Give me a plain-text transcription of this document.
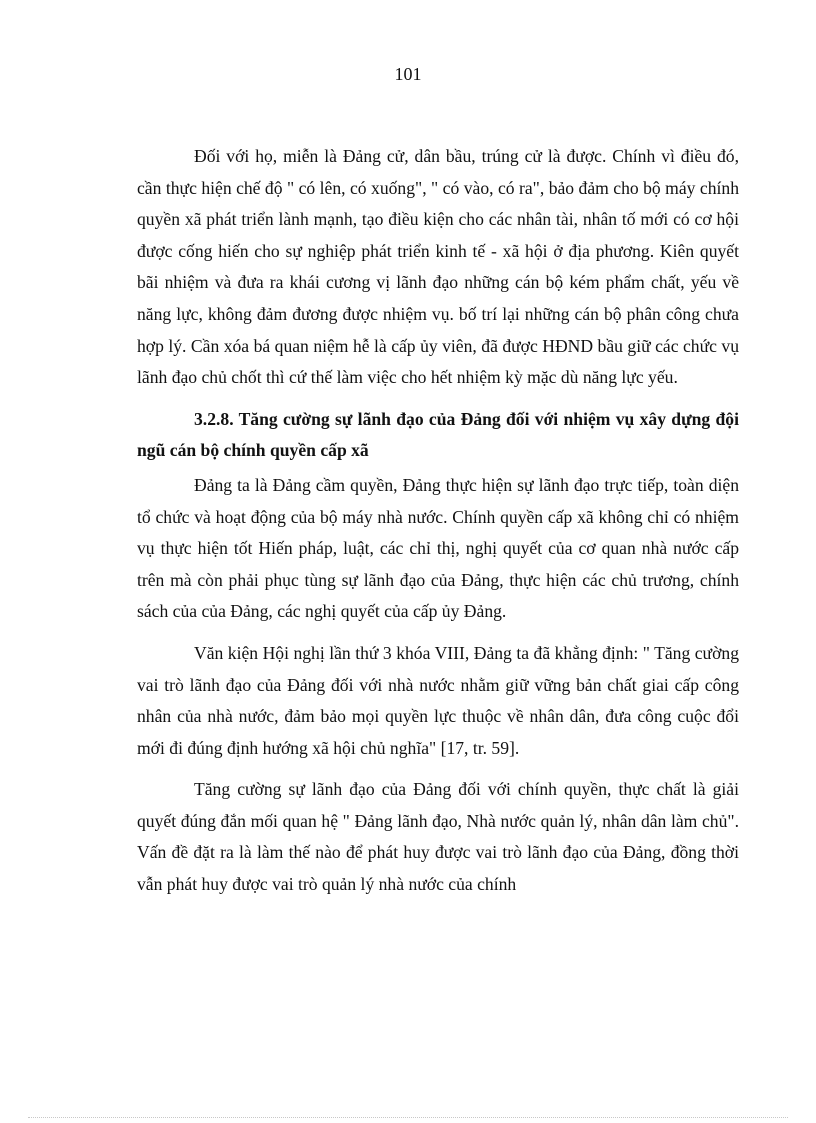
101

Đối với họ, miễn là Đảng cử, dân bầu, trúng cử là được. Chính vì điều đó, cần thực hiện chế độ " có lên, có xuống", " có vào, có ra", bảo đảm cho bộ máy chính quyền xã phát triển lành mạnh, tạo điều kiện cho các nhân tài, nhân tố mới có cơ hội được cống hiến cho sự nghiệp phát triển kinh tế - xã hội ở địa phương. Kiên quyết bãi nhiệm và đưa ra khái cương vị lãnh đạo những cán bộ kém phẩm chất, yếu về năng lực, không đảm đương được nhiệm vụ. bố trí lại những cán bộ phân công chưa hợp lý. Cần xóa bá quan niệm hễ là cấp ủy viên, đã được HĐND bầu giữ các chức vụ lãnh đạo chủ chốt thì cứ thế làm việc cho hết nhiệm kỳ mặc dù năng lực yếu.

3.2.8. Tăng cường sự lãnh đạo của Đảng đối với nhiệm vụ xây dựng đội ngũ cán bộ chính quyền cấp xã

Đảng ta là Đảng cầm quyền, Đảng thực hiện sự lãnh đạo trực tiếp, toàn diện tổ chức và hoạt động của bộ máy nhà nước. Chính quyền cấp xã không chỉ có nhiệm vụ thực hiện tốt Hiến pháp, luật, các chỉ thị, nghị quyết của cơ quan nhà nước cấp trên mà còn phải phục tùng sự lãnh đạo của Đảng, thực hiện các chủ trương, chính sách của của Đảng, các nghị quyết của cấp ủy Đảng.

Văn kiện Hội nghị lần thứ 3 khóa VIII, Đảng ta đã khẳng định: " Tăng cường vai trò lãnh đạo của Đảng đối với nhà nước nhằm giữ vững bản chất giai cấp công nhân của nhà nước, đảm bảo mọi quyền lực thuộc về nhân dân, đưa công cuộc đổi mới đi đúng định hướng xã hội chủ nghĩa" [17, tr. 59].

Tăng cường sự lãnh đạo của Đảng đối với chính quyền, thực chất là giải quyết đúng đắn mối quan hệ " Đảng lãnh đạo, Nhà nước quản lý, nhân dân làm chủ". Vấn đề đặt ra là làm thế nào để phát huy được vai trò lãnh đạo của Đảng, đồng thời vẫn phát huy được vai trò quản lý nhà nước của chính
